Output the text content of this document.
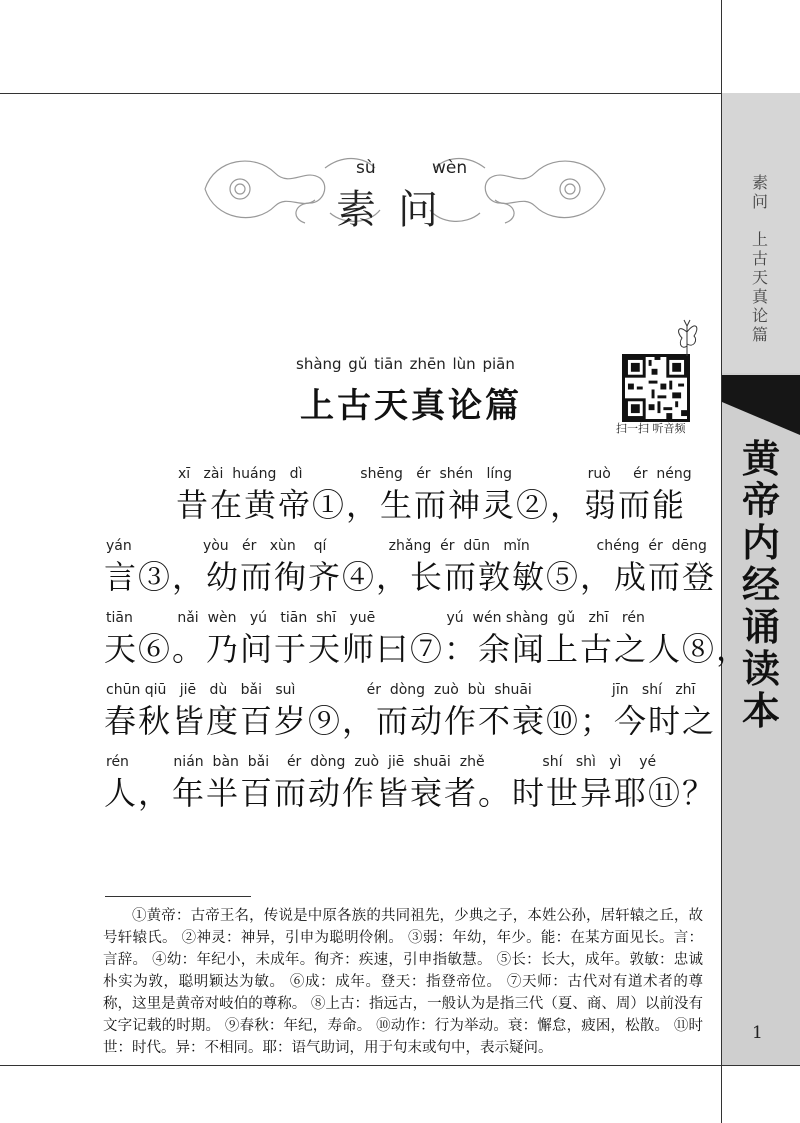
素问

上古天真论篇
黄帝内经诵读本
1
sù	wèn
素问
shàng gǔ tiān zhēn lùn piān
上古天真论篇
扫一扫 听音频
xī   zài  huáng   dì             shēng   ér  shén   líng                 ruò     ér  néng
昔在黄帝①，生而神灵②，弱而能
yán                yòu   ér   xùn    qí              zhǎng  ér  dūn   mǐn               chéng  ér  dēng
言③，幼而徇齐④，长而敦敏⑤，成而登
tiān          nǎi  wèn   yú   tiān  shī   yuē                yú  wén shàng  gǔ   zhī   rén
天⑥。乃问于天师曰⑦：余闻上古之人⑧，
chūn qiū   jiē   dù   bǎi   suì                ér  dòng  zuò  bù  shuāi                  jīn   shí   zhī
春秋皆度百岁⑨，而动作不衰⑩；今时之
rén          nián  bàn  bǎi    ér  dòng  zuò  jiē  shuāi  zhě             shí   shì   yì    yé
人，年半百而动作皆衰者。时世异耶⑪？

①黄帝：古帝王名，传说是中原各族的共同祖先，少典之子，本姓公孙，居轩辕之丘，故号轩辕氏。 ②神灵：神异，引申为聪明伶俐。 ③弱：年幼，年少。能：在某方面见长。言：言辞。 ④幼：年纪小，未成年。徇齐：疾速，引申指敏慧。 ⑤长：长大，成年。敦敏：忠诚朴实为敦，聪明颖达为敏。 ⑥成：成年。登天：指登帝位。 ⑦天师：古代对有道术者的尊称，这里是黄帝对岐伯的尊称。 ⑧上古：指远古，一般认为是指三代（夏、商、周）以前没有文字记载的时期。 ⑨春秋：年纪，寿命。 ⑩动作：行为举动。衰：懈怠，疲困，松散。 ⑪时世：时代。异：不相同。耶：语气助词，用于句末或句中，表示疑问。
